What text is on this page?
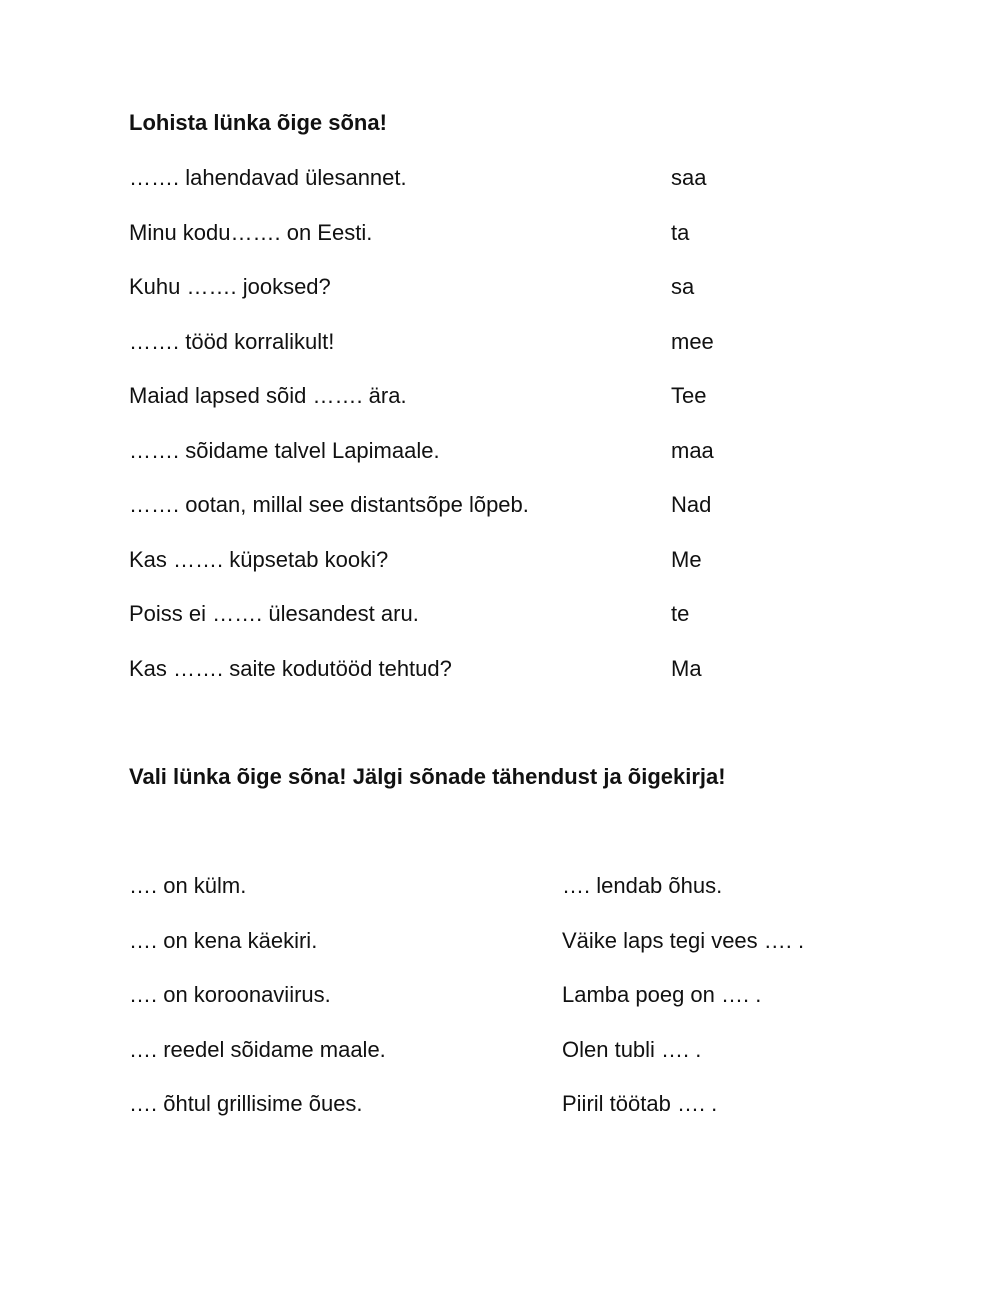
Lohista lünka õige sõna!
……. lahendavad ülesannet.	saa
Minu kodu……. on Eesti.	ta
Kuhu ……. jooksed?	sa
……. tööd korralikult!	mee
Maiad lapsed sõid ……. ära.	Tee
……. sõidame talvel Lapimaale.	maa
……. ootan, millal see distantsõpe lõpeb.	Nad
Kas ……. küpsetab kooki?	Me
Poiss ei ……. ülesandest aru.	te
Kas ……. saite kodutööd tehtud?	Ma
Vali lünka õige sõna! Jälgi sõnade tähendust ja õigekirja!
…. on külm.	…. lendab õhus.
…. on kena käekiri.	Väike laps tegi vees …. .
…. on koroonaviirus.	Lamba poeg on …. .
…. reedel sõidame maale.	Olen tubli …. .
…. õhtul grillisime õues.	Piiril töötab …. .
